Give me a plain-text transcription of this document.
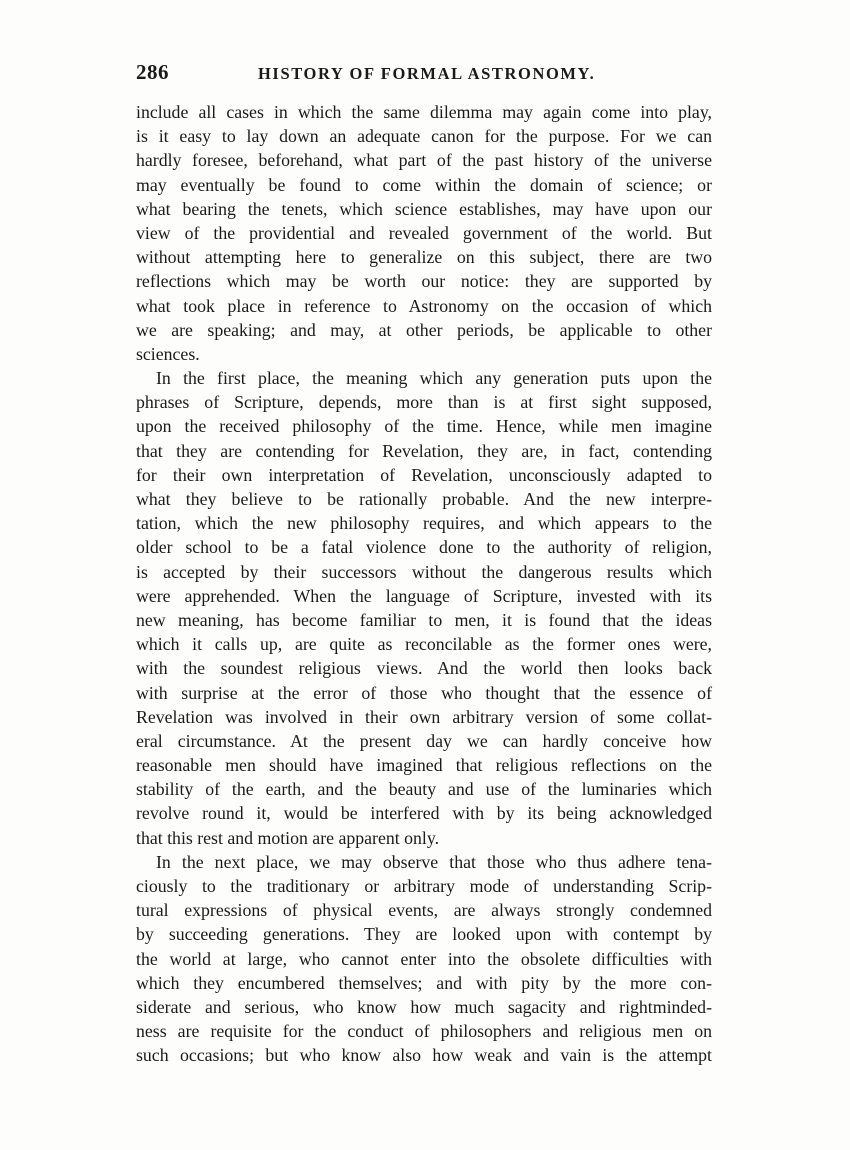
286	HISTORY OF FORMAL ASTRONOMY.
include all cases in which the same dilemma may again come into play,
is it easy to lay down an adequate canon for the purpose. For we can
hardly foresee, beforehand, what part of the past history of the universe
may eventually be found to come within the domain of science; or
what bearing the tenets, which science establishes, may have upon our
view of the providential and revealed government of the world. But
without attempting here to generalize on this subject, there are two
reflections which may be worth our notice: they are supported by
what took place in reference to Astronomy on the occasion of which
we are speaking; and may, at other periods, be applicable to other
sciences.
In the first place, the meaning which any generation puts upon the
phrases of Scripture, depends, more than is at first sight supposed,
upon the received philosophy of the time. Hence, while men imagine
that they are contending for Revelation, they are, in fact, contending
for their own interpretation of Revelation, unconsciously adapted to
what they believe to be rationally probable. And the new interpre-
tation, which the new philosophy requires, and which appears to the
older school to be a fatal violence done to the authority of religion,
is accepted by their successors without the dangerous results which
were apprehended. When the language of Scripture, invested with its
new meaning, has become familiar to men, it is found that the ideas
which it calls up, are quite as reconcilable as the former ones were,
with the soundest religious views. And the world then looks back
with surprise at the error of those who thought that the essence of
Revelation was involved in their own arbitrary version of some collat-
eral circumstance. At the present day we can hardly conceive how
reasonable men should have imagined that religious reflections on the
stability of the earth, and the beauty and use of the luminaries which
revolve round it, would be interfered with by its being acknowledged
that this rest and motion are apparent only.
In the next place, we may observe that those who thus adhere tena-
ciously to the traditionary or arbitrary mode of understanding Scrip-
tural expressions of physical events, are always strongly condemned
by succeeding generations. They are looked upon with contempt by
the world at large, who cannot enter into the obsolete difficulties with
which they encumbered themselves; and with pity by the more con-
siderate and serious, who know how much sagacity and rightminded-
ness are requisite for the conduct of philosophers and religious men on
such occasions; but who know also how weak and vain is the attempt
